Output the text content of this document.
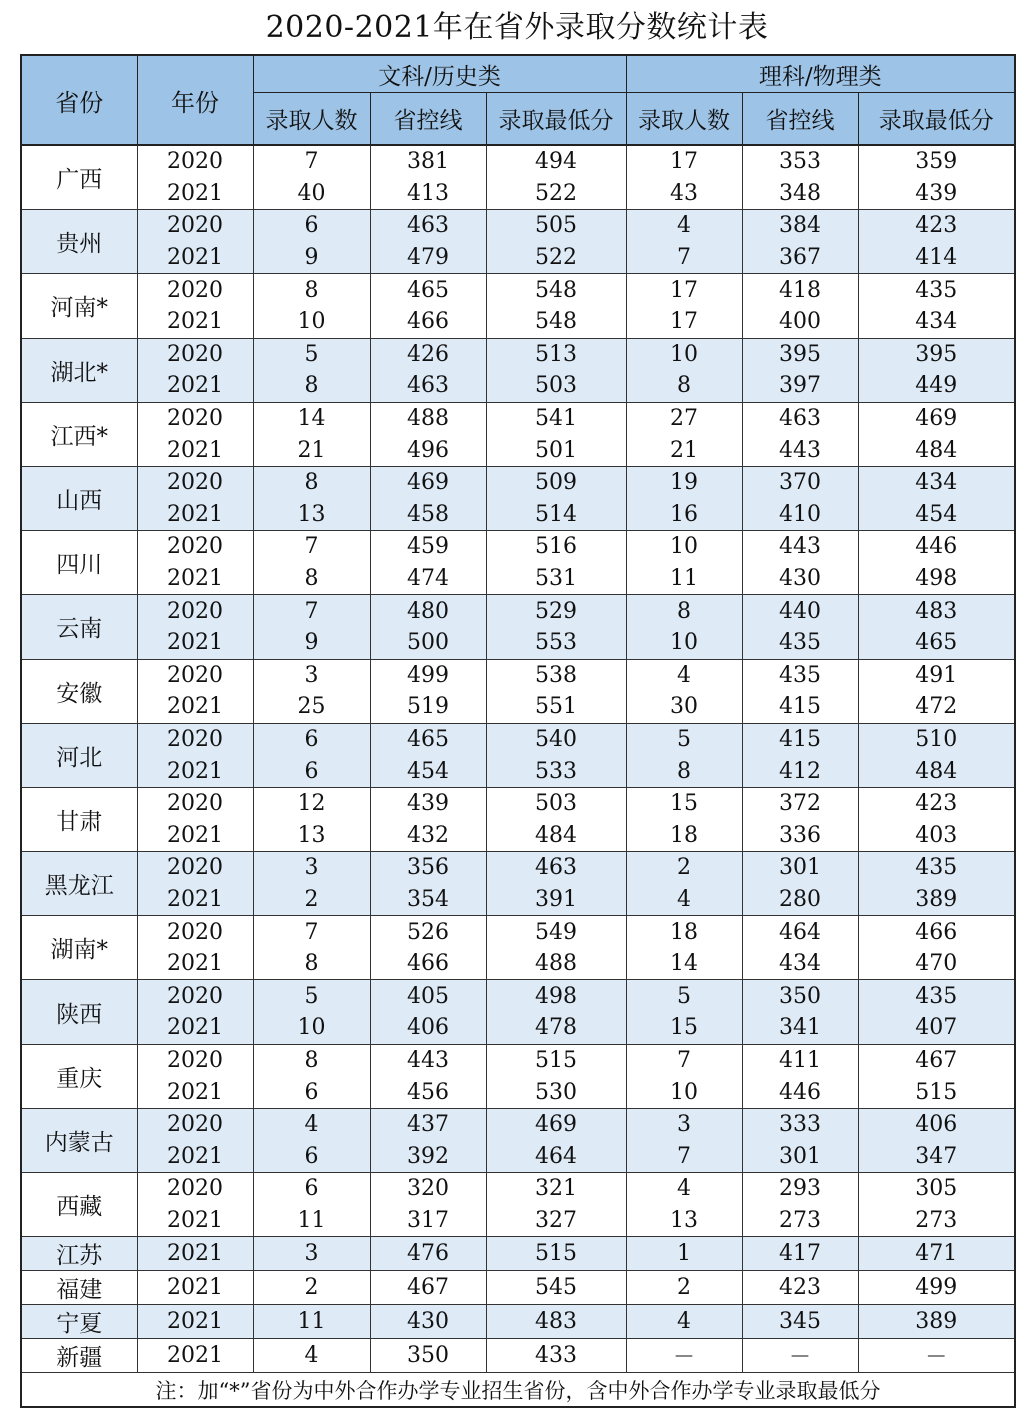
2020-2021年在省外录取分数统计表
省份	年份	文科/历史类			理科/物理类		
		录取人数	省控线	录取最低分	录取人数	省控线	录取最低分
广西	2020	7	381	494	17	353	359
	2021	40	413	522	43	348	439
贵州	2020	6	463	505	4	384	423
	2021	9	479	522	7	367	414
河南*	2020	8	465	548	17	418	435
	2021	10	466	548	17	400	434
湖北*	2020	5	426	513	10	395	395
	2021	8	463	503	8	397	449
江西*	2020	14	488	541	27	463	469
	2021	21	496	501	21	443	484
山西	2020	8	469	509	19	370	434
	2021	13	458	514	16	410	454
四川	2020	7	459	516	10	443	446
	2021	8	474	531	11	430	498
云南	2020	7	480	529	8	440	483
	2021	9	500	553	10	435	465
安徽	2020	3	499	538	4	435	491
	2021	25	519	551	30	415	472
河北	2020	6	465	540	5	415	510
	2021	6	454	533	8	412	484
甘肃	2020	12	439	503	15	372	423
	2021	13	432	484	18	336	403
黑龙江	2020	3	356	463	2	301	435
	2021	2	354	391	4	280	389
湖南*	2020	7	526	549	18	464	466
	2021	8	466	488	14	434	470
陕西	2020	5	405	498	5	350	435
	2021	10	406	478	15	341	407
重庆	2020	8	443	515	7	411	467
	2021	6	456	530	10	446	515
内蒙古	2020	4	437	469	3	333	406
	2021	6	392	464	7	301	347
西藏	2020	6	320	321	4	293	305
	2021	11	317	327	13	273	273
江苏	2021	3	476	515	1	417	471
福建	2021	2	467	545	2	423	499
宁夏	2021	11	430	483	4	345	389
新疆	2021	4	350	433	－	－	－
注：加“*”省份为中外合作办学专业招生省份，含中外合作办学专业录取最低分							
